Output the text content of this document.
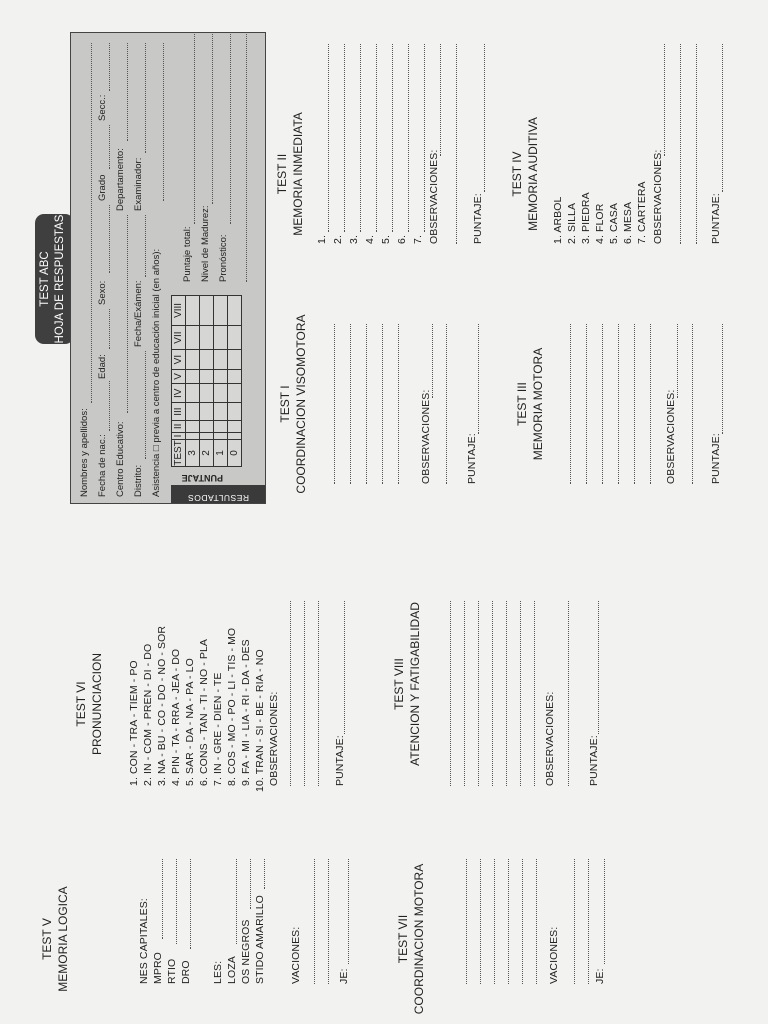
TEST V MEMORIA LOGICA	NES CAPITALES: MPRO RTIO DRO LES: LOZA OS NEGROS STIDO AMARILLO VACIONES:	JE:
TEST VII COORDINACION MOTORA	VACIONES:	JE:
TEST VI PRONUNCIACION 1. CON - TRA - TIEM - PO 2. IN - COM - PREN - DI - DO 3. NA - BU - CO - DO - NO - SOR 4. PIN - TA - RRA - JEA - DO 5. SAR - DA - NA - PA - LO 6. CONS - TAN - TI - NO - PLA 7. IN - GRE - DIEN - TE 8. COS - MO - PO - LI - TIS - MO 9. FA - MI - LIA - RI - DA - DES 10. TRAN - SI - BE - RIA - NO OBSERVACIONES:	PUNTAJE:
TEST VIII ATENCION Y FATIGABILIDAD	OBSERVACIONES:	PUNTAJE:
TEST ABC HOJA DE RESPUESTAS
Nombres y apellidos: Fecha de nac.:
Edad:
Sexo:
Grado
Secc.:
Centro Educativo:
Departamento:
Distrito:
Fecha/Exámen:
Examinador:
Asistencia □ previa a centro de educación inicial (en años):
RESULTADOS
PUNTAJE
TEST	I	II	III	IV	V	VI	VII	VIII
3								
2								
1								
0								
Puntaje total: Nivel de Madurez: Pronóstico:
TEST I COORDINACION VISOMOTORA	OBSERVACIONES:	PUNTAJE:
TEST II MEMORIA INMEDIATA
1. 2. 3. 4. 5. 6. 7. OBSERVACIONES:	PUNTAJE:
TEST III MEMORIA MOTORA	OBSERVACIONES:	PUNTAJE:
TEST IV MEMORIA AUDITIVA 1. ARBOL 2. SILLA 3. PIEDRA 4. FLOR 5. CASA 6. MESA 7. CARTERA OBSERVACIONES:	PUNTAJE:
